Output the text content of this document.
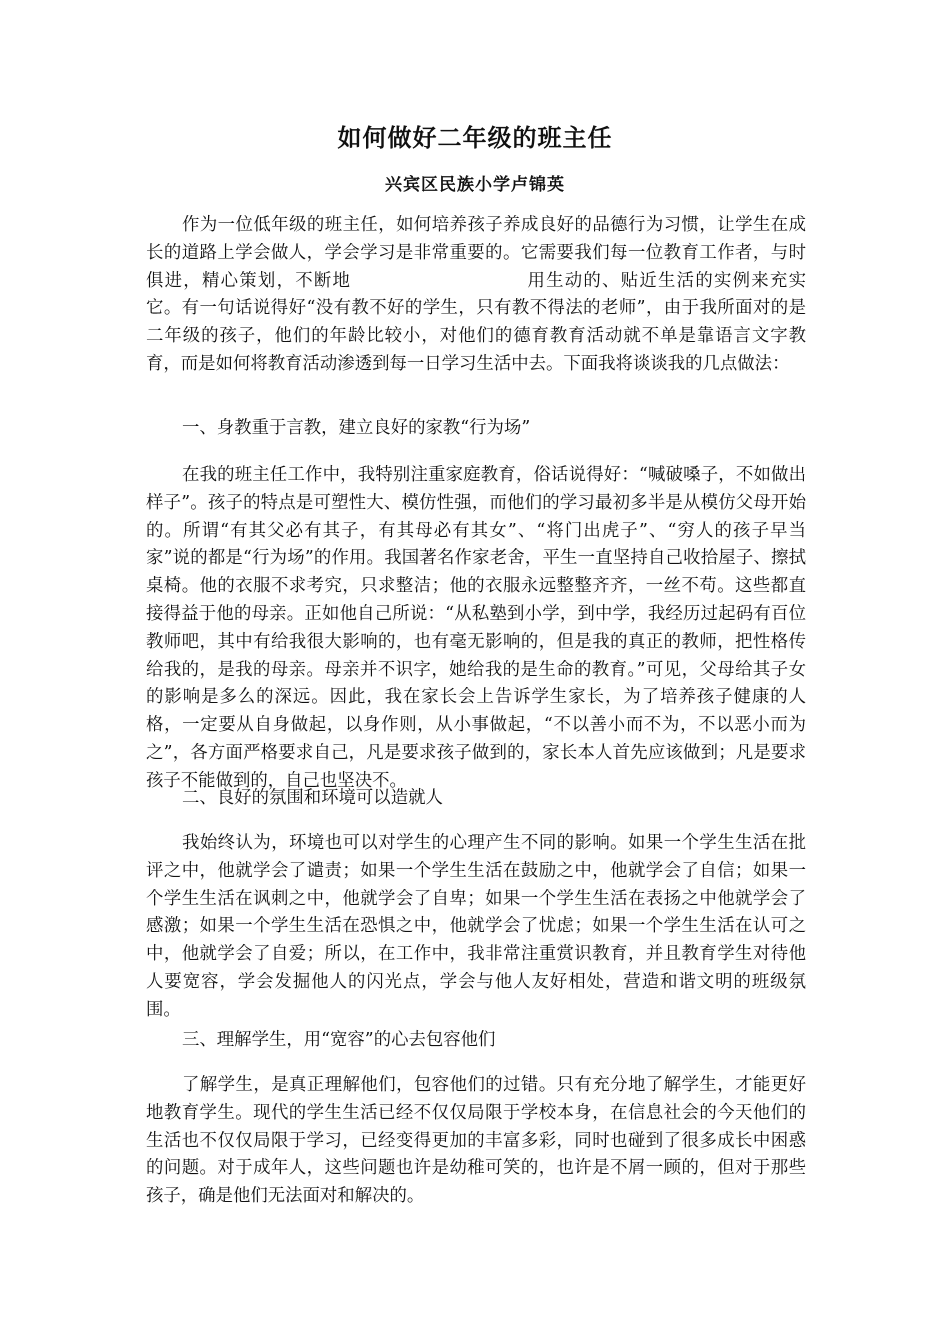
如何做好二年级的班主任
兴宾区民族小学卢锦英

作为一位低年级的班主任，如何培养孩子养成良好的品德行为习惯，让学生在成长的道路上学会做人，学会学习是非常重要的。它需要我们每一位教育工作者，与时俱进，精心策划，不断地	用生动的、贴近生活的实例来充实它。有一句话说得好“没有教不好的学生，只有教不得法的老师”，由于我所面对的是二年级的孩子，他们的年龄比较小，对他们的德育教育活动就不单是靠语言文字教育，而是如何将教育活动渗透到每一日学习生活中去。下面我将谈谈我的几点做法：

一、身教重于言教，建立良好的家教“行为场”

在我的班主任工作中，我特别注重家庭教育，俗话说得好：“喊破嗓子，不如做出样子”。孩子的特点是可塑性大、模仿性强，而他们的学习最初多半是从模仿父母开始的。所谓“有其父必有其子，有其母必有其女”、“将门出虎子”、“穷人的孩子早当家”说的都是“行为场”的作用。我国著名作家老舍，平生一直坚持自己收拾屋子、擦拭桌椅。他的衣服不求考究，只求整洁；他的衣服永远整整齐齐，一丝不苟。这些都直接得益于他的母亲。正如他自己所说：“从私塾到小学，到中学，我经历过起码有百位教师吧，其中有给我很大影响的，也有毫无影响的，但是我的真正的教师，把性格传给我的，是我的母亲。母亲并不识字，她给我的是生命的教育。”可见，父母给其子女的影响是多么的深远。因此，我在家长会上告诉学生家长，为了培养孩子健康的人格，一定要从自身做起，以身作则，从小事做起，“不以善小而不为，不以恶小而为之”，各方面严格要求自己，凡是要求孩子做到的，家长本人首先应该做到；凡是要求孩子不能做到的，自己也坚决不。

二、良好的氛围和环境可以造就人

我始终认为，环境也可以对学生的心理产生不同的影响。如果一个学生生活在批评之中，他就学会了谴责；如果一个学生生活在鼓励之中，他就学会了自信；如果一个学生生活在讽刺之中，他就学会了自卑；如果一个学生生活在表扬之中他就学会了感激；如果一个学生生活在恐惧之中，他就学会了忧虑；如果一个学生生活在认可之中，他就学会了自爱；所以，在工作中，我非常注重赏识教育，并且教育学生对待他人要宽容，学会发掘他人的闪光点，学会与他人友好相处，营造和谐文明的班级氛围。

三、理解学生，用“宽容”的心去包容他们

了解学生，是真正理解他们，包容他们的过错。只有充分地了解学生，才能更好地教育学生。现代的学生生活已经不仅仅局限于学校本身，在信息社会的今天他们的生活也不仅仅局限于学习，已经变得更加的丰富多彩，同时也碰到了很多成长中困惑的问题。对于成年人，这些问题也许是幼稚可笑的，也许是不屑一顾的，但对于那些孩子，确是他们无法面对和解决的。
